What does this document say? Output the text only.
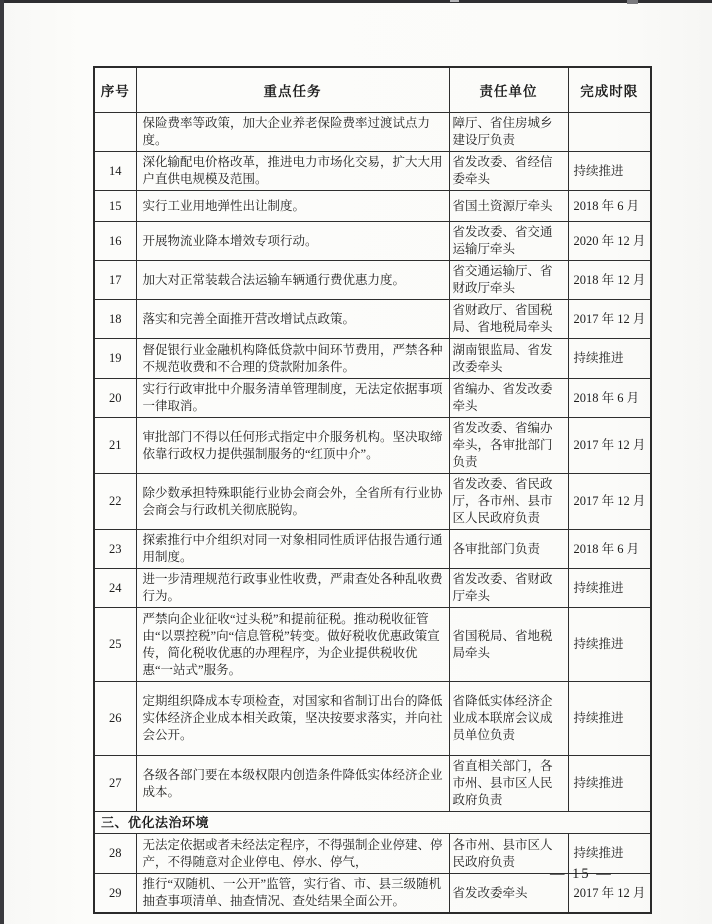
序号	重点任务	责任单位	完成时限
	保险费率等政策，加大企业养老保险费率过渡试点力度。	障厅、省住房城乡建设厅负责	
14	深化输配电价格改革，推进电力市场化交易，扩大大用户直供电规模及范围。	省发改委、省经信委牵头	持续推进
15	实行工业用地弹性出让制度。	省国土资源厅牵头	2018 年 6 月
16	开展物流业降本增效专项行动。	省发改委、省交通运输厅牵头	2020 年 12 月
17	加大对正常装载合法运输车辆通行费优惠力度。	省交通运输厅、省财政厅牵头	2018 年 12 月
18	落实和完善全面推开营改增试点政策。	省财政厅、省国税局、省地税局牵头	2017 年 12 月
19	督促银行业金融机构降低贷款中间环节费用，严禁各种不规范收费和不合理的贷款附加条件。	湖南银监局、省发改委牵头	持续推进
20	实行行政审批中介服务清单管理制度，无法定依据事项一律取消。	省编办、省发改委牵头	2018 年 6 月
21	审批部门不得以任何形式指定中介服务机构。坚决取缔依靠行政权力提供强制服务的“红顶中介”。	省发改委、省编办牵头，各审批部门负责	2017 年 12 月
22	除少数承担特殊职能行业协会商会外，全省所有行业协会商会与行政机关彻底脱钩。	省发改委、省民政厅，各市州、县市区人民政府负责	2017 年 12 月
23	探索推行中介组织对同一对象相同性质评估报告通行通用制度。	各审批部门负责	2018 年 6 月
24	进一步清理规范行政事业性收费，严肃查处各种乱收费行为。	省发改委、省财政厅牵头	持续推进
25	严禁向企业征收“过头税”和提前征税。推动税收征管由“以票控税”向“信息管税”转变。做好税收优惠政策宣传，简化税收优惠的办理程序，为企业提供税收优惠“一站式”服务。	省国税局、省地税局牵头	持续推进
26	定期组织降成本专项检查，对国家和省制订出台的降低实体经济企业成本相关政策，坚决按要求落实，并向社会公开。	省降低实体经济企业成本联席会议成员单位负责	持续推进
27	各级各部门要在本级权限内创造条件降低实体经济企业成本。	省直相关部门，各市州、县市区人民政府负责	持续推进
三、优化法治环境			
28	无法定依据或者未经法定程序，不得强制企业停建、停产，不得随意对企业停电、停水、停气，	各市州、县市区人民政府负责	持续推进
29	推行“双随机、一公开”监管，实行省、市、县三级随机抽查事项清单、抽查情况、查处结果全面公开。	省发改委牵头	2017 年 12 月
— 15 —
